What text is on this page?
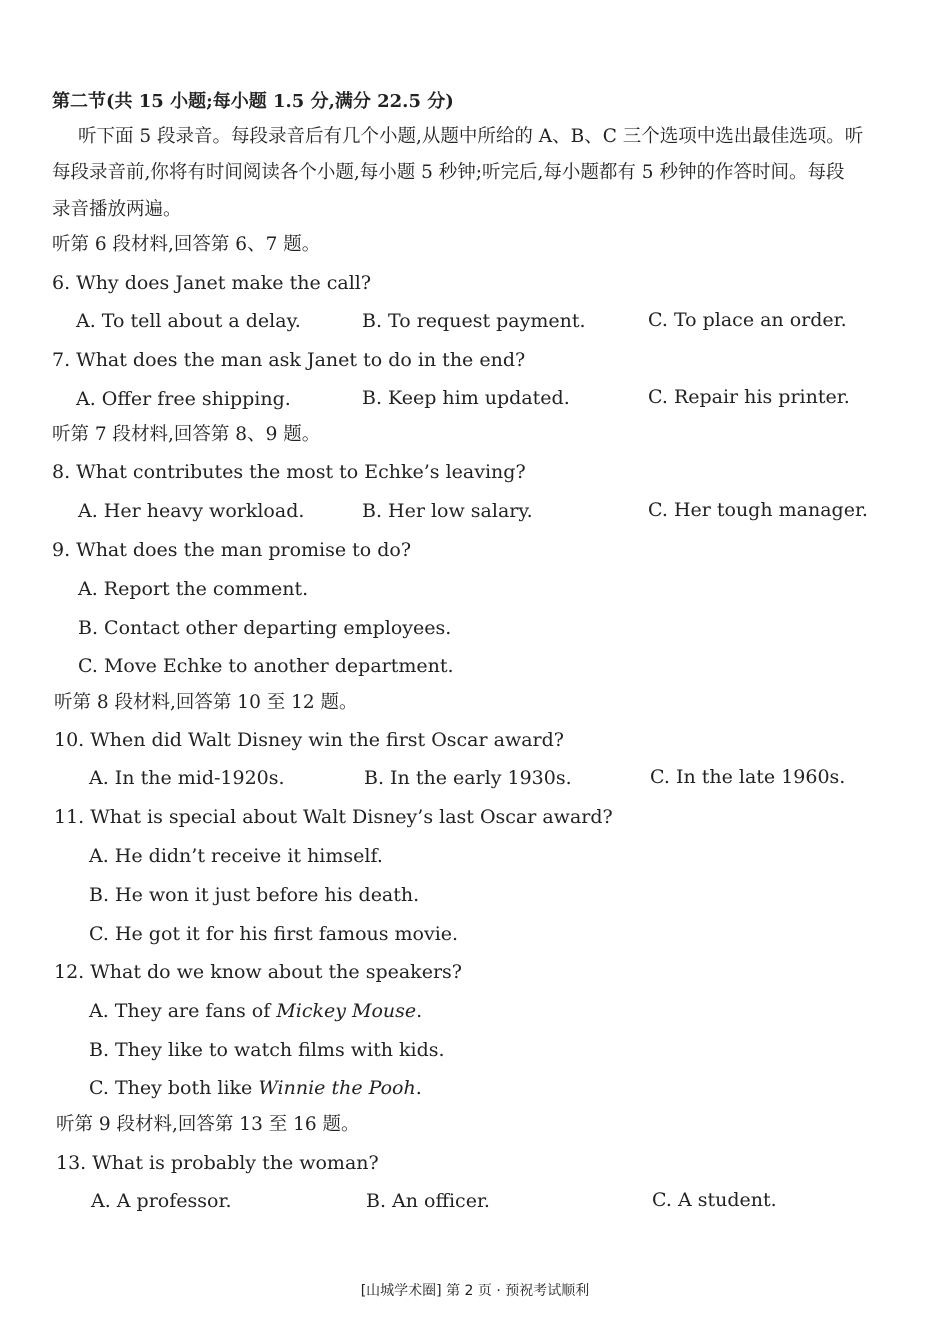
第二节(共 15 小题;每小题 1.5 分,满分 22.5 分)
听下面 5 段录音。每段录音后有几个小题,从题中所给的 A、B、C 三个选项中选出最佳选项。听
每段录音前,你将有时间阅读各个小题,每小题 5 秒钟;听完后,每小题都有 5 秒钟的作答时间。每段
录音播放两遍。
听第 6 段材料,回答第 6、7 题。
6. Why does Janet make the call?
A. To tell about a delay.	B. To request payment.	C. To place an order.
7. What does the man ask Janet to do in the end?
A. Offer free shipping.	B. Keep him updated.	C. Repair his printer.
听第 7 段材料,回答第 8、9 题。
8. What contributes the most to Echke’s leaving?
A. Her heavy workload.	B. Her low salary.	C. Her tough manager.
9. What does the man promise to do?
A. Report the comment.
B. Contact other departing employees.
C. Move Echke to another department.
听第 8 段材料,回答第 10 至 12 题。
10. When did Walt Disney win the first Oscar award?
A. In the mid-1920s.	B. In the early 1930s.	C. In the late 1960s.
11. What is special about Walt Disney’s last Oscar award?
A. He didn’t receive it himself.
B. He won it just before his death.
C. He got it for his first famous movie.
12. What do we know about the speakers?
A. They are fans of Mickey Mouse.
B. They like to watch films with kids.
C. They both like Winnie the Pooh.
听第 9 段材料,回答第 13 至 16 题。
13. What is probably the woman?
A. A professor.	B. An officer.	C. A student.
[山城学术圈] 第 2 页 · 预祝考试顺利
